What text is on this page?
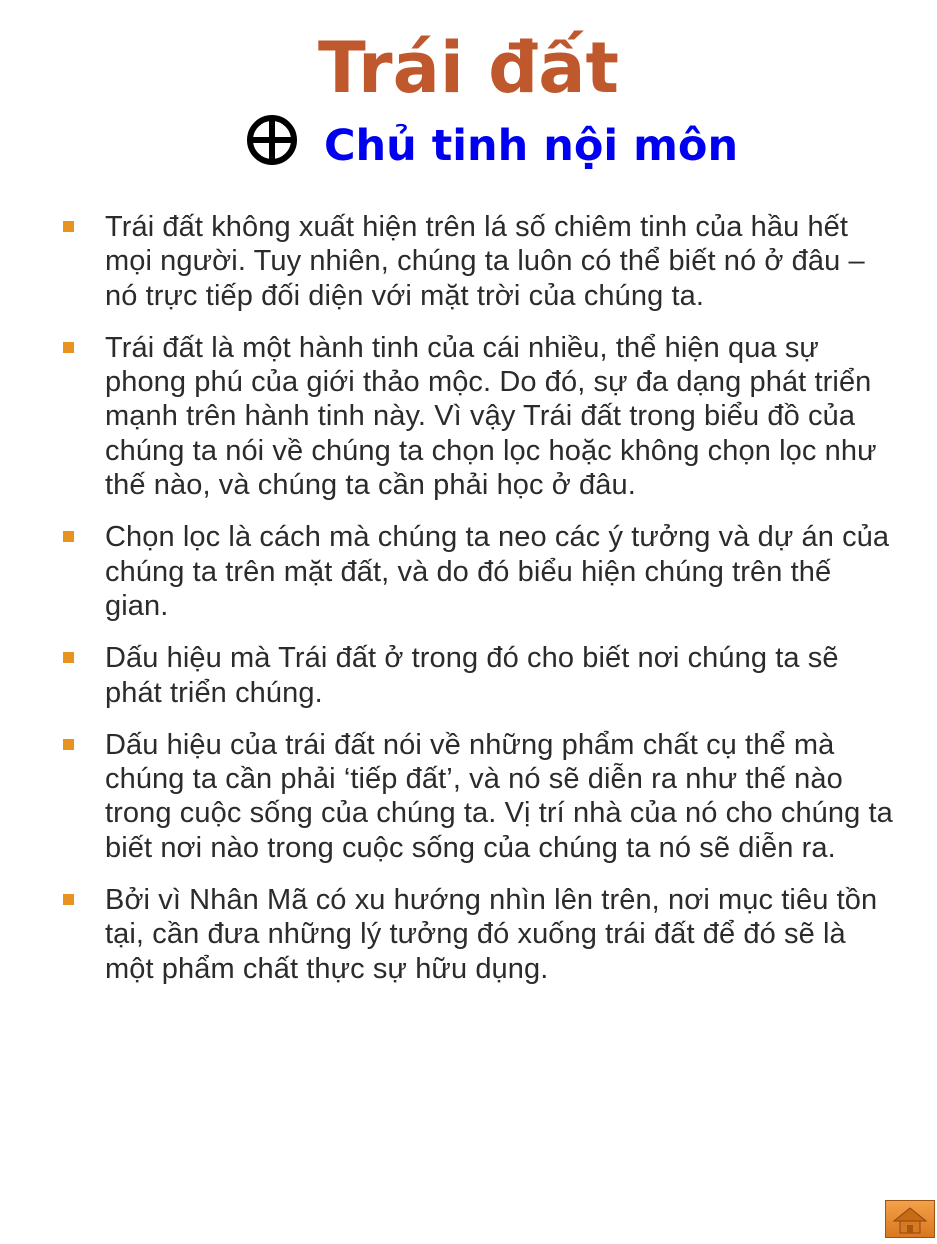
Trái đất
Chủ tinh nội môn
Trái đất không xuất hiện trên lá số chiêm tinh của hầu hết mọi người. Tuy nhiên, chúng ta luôn có thể biết nó ở đâu – nó trực tiếp đối diện với mặt trời của chúng ta.
Trái đất là một hành tinh của cái nhiều, thể hiện qua sự phong phú của giới thảo mộc. Do đó, sự đa dạng phát triển mạnh trên hành tinh này. Vì vậy Trái đất trong biểu đồ của chúng ta nói về chúng ta chọn lọc hoặc không chọn lọc như thế nào, và chúng ta cần phải học ở đâu.
Chọn lọc là cách mà chúng ta neo các ý tưởng và dự án của chúng ta trên mặt đất, và do đó biểu hiện chúng trên thế gian.
Dấu hiệu mà Trái đất ở trong đó cho biết nơi chúng ta sẽ phát triển chúng.
Dấu hiệu của trái đất nói về những phẩm chất cụ thể mà chúng ta cần phải ‘tiếp đất’, và nó sẽ diễn ra như thế nào trong cuộc sống của chúng ta. Vị trí nhà của nó cho chúng ta biết nơi nào trong cuộc sống của chúng ta nó sẽ diễn ra.
Bởi vì Nhân Mã có xu hướng nhìn lên trên, nơi mục tiêu tồn tại, cần đưa những lý tưởng đó xuống trái đất để đó sẽ là một phẩm chất thực sự hữu dụng.
